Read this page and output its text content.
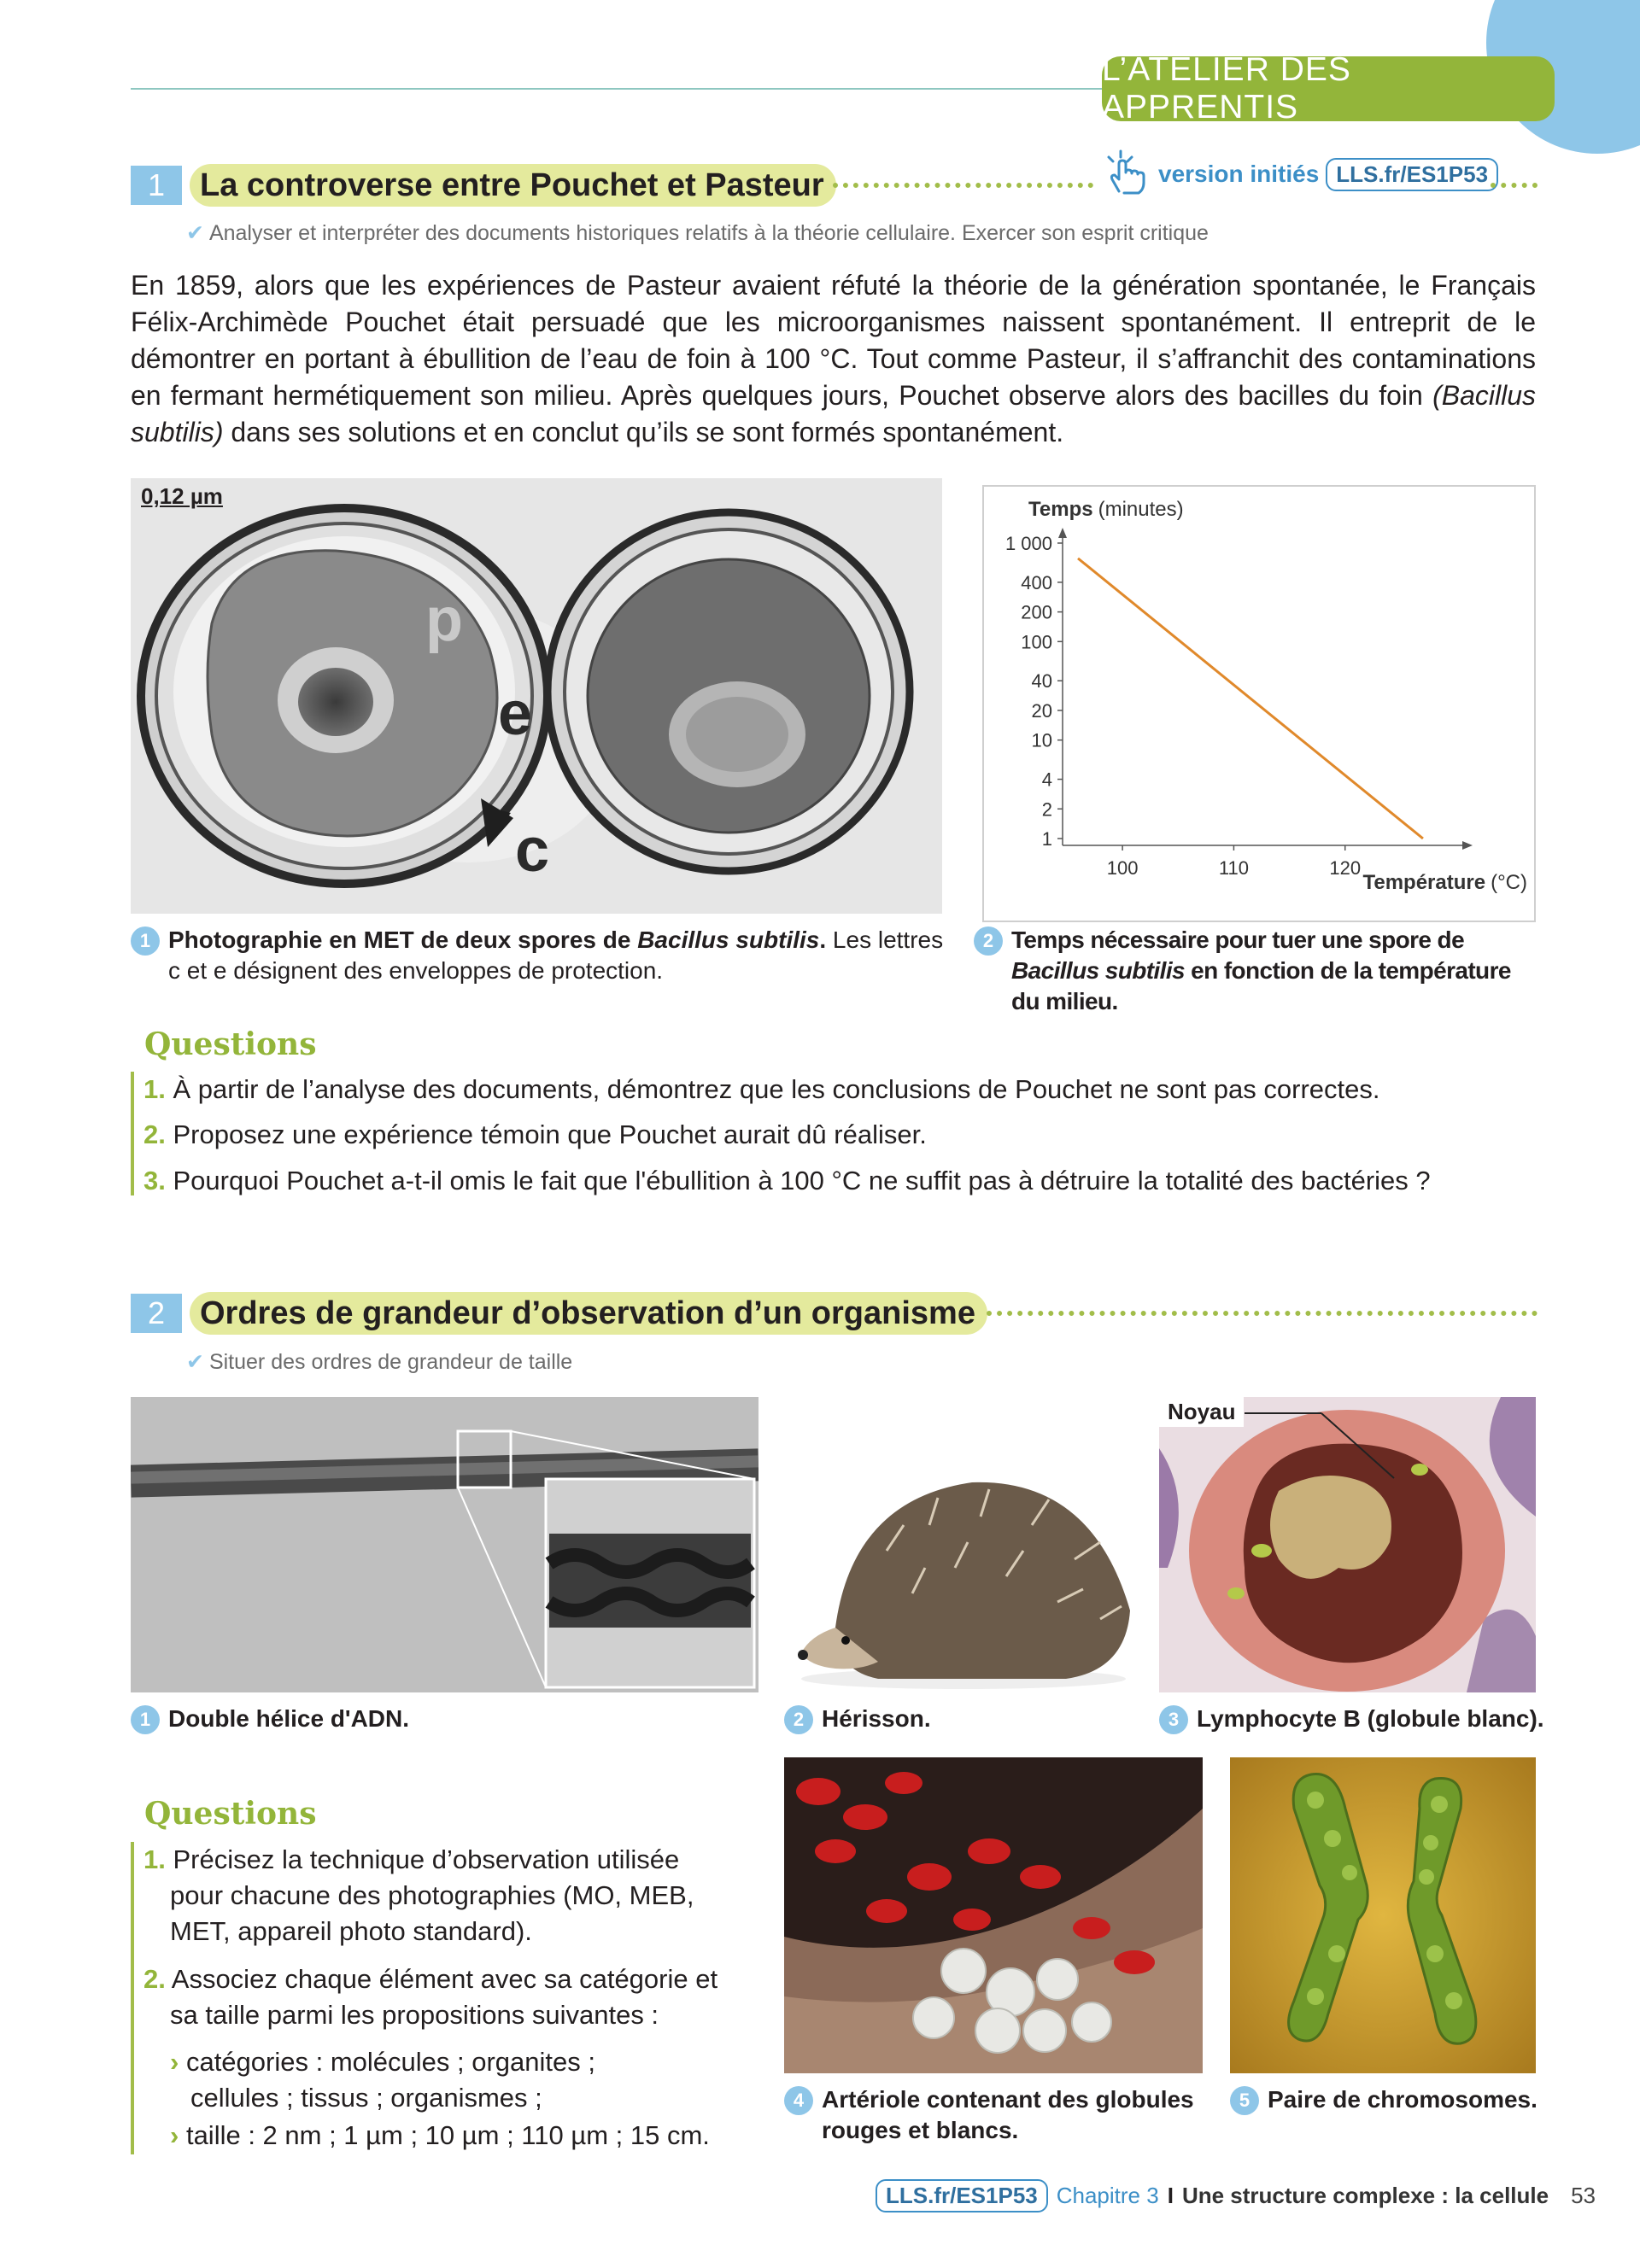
L’ATELIER DES APPRENTIS
1	La controverse entre Pouchet et Pasteur	version initiés LLS.fr/ES1P53
✔ Analyser et interpréter des documents historiques relatifs à la théorie cellulaire. Exercer son esprit critique

En 1859, alors que les expériences de Pasteur avaient réfuté la théorie de la génération spontanée, le Français Félix-Archimède Pouchet était persuadé que les microorganismes naissent spontanément. Il entreprit de le démontrer en portant à ébullition de l’eau de foin à 100 °C. Tout comme Pasteur, il s’affranchit des contaminations en fermant hermétiquement son milieu. Après quelques jours, Pouchet observe alors des bacilles du foin (Bacillus subtilis) dans ses solutions et en conclut qu’ils se sont formés spontanément.

p
e
c
0,12 µm
1 Photographie en MET de deux spores de Bacillus subtilis. Les lettres c et e désignent des enveloppes de protection.

Temps (minutes)
Température (°C)
1 000
400
200
100
40
20
10
4
2
1
100	110	120
2 Temps nécessaire pour tuer une spore de Bacillus subtilis en fonction de la température du milieu.

Questions
1. À partir de l’analyse des documents, démontrez que les conclusions de Pouchet ne sont pas correctes.
2. Proposez une expérience témoin que Pouchet aurait dû réaliser.
3. Pourquoi Pouchet a-t-il omis le fait que l'ébullition à 100 °C ne suffit pas à détruire la totalité des bactéries ?
2	Ordres de grandeur d’observation d’un organisme
✔ Situer des ordres de grandeur de taille
1 Double hélice d'ADN.	2 Hérisson.
Noyau
3 Lymphocyte B (globule blanc).
4 Artériole contenant des globules rouges et blancs.
5 Paire de chromosomes.
Questions
1. Précisez la technique d’observation utilisée pour chacune des photographies (MO, MEB, MET, appareil photo standard).
2. Associez chaque élément avec sa catégorie et sa taille parmi les propositions suivantes :
› catégories : molécules ; organites ; cellules ; tissus ; organismes ;
› taille : 2 nm ; 1 µm ; 10 µm ; 110 µm ; 15 cm.
LLS.fr/ES1P53 Chapitre 3 I Une structure complexe : la cellule 53
